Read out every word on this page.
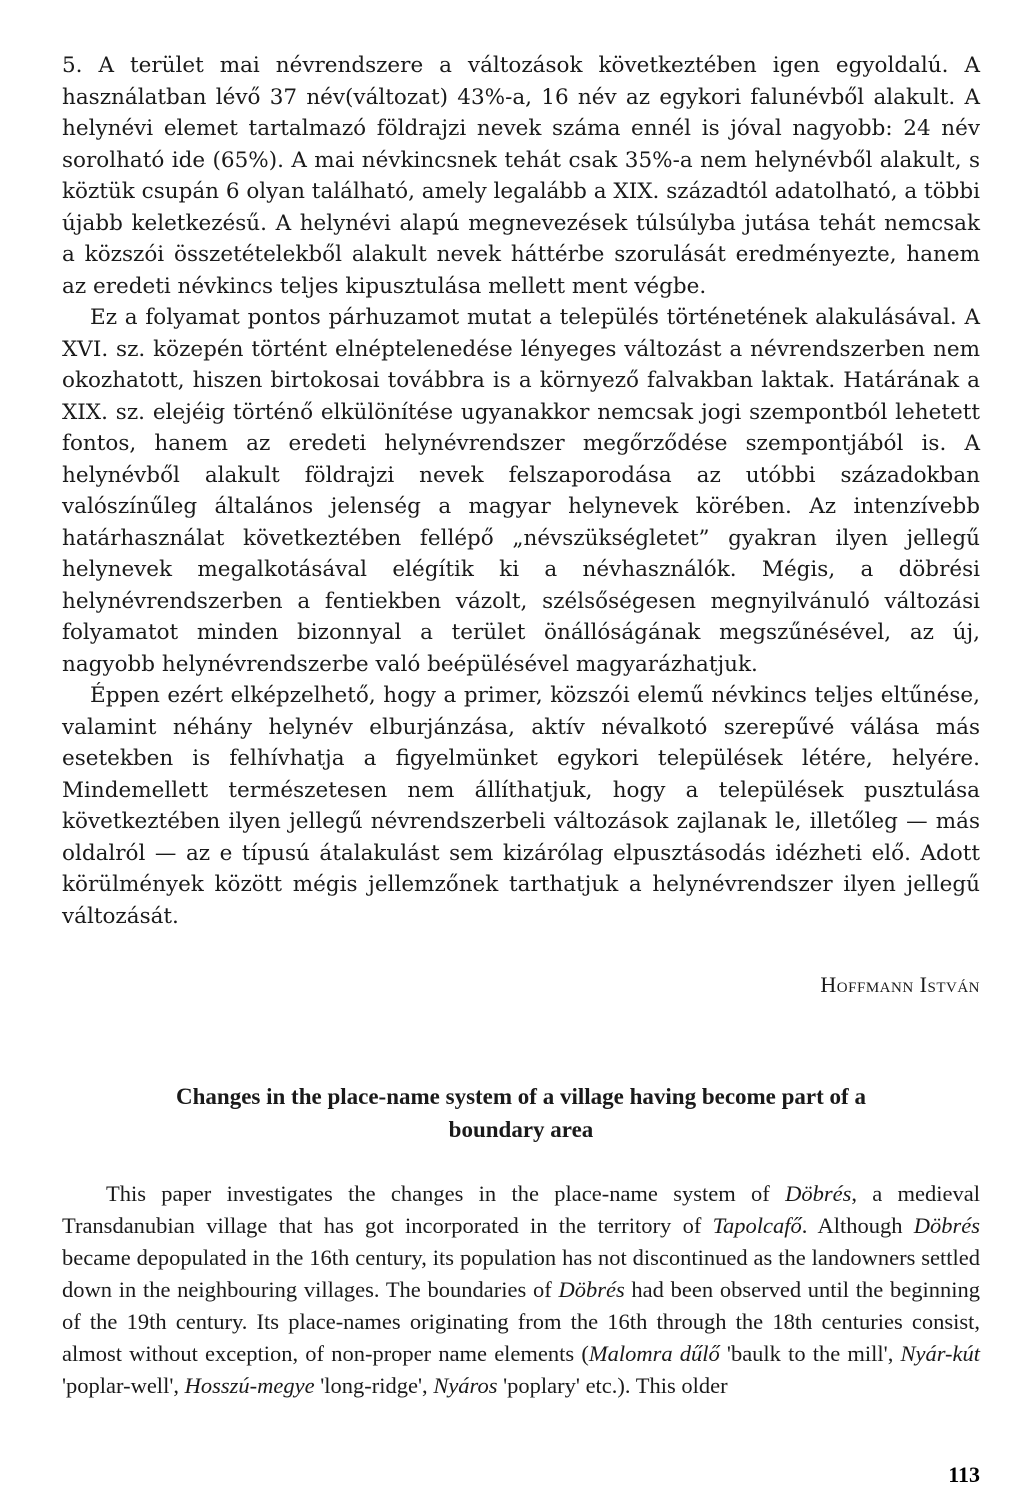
5. A terület mai névrendszere a változások következtében igen egyoldalú. A használatban lévő 37 név(változat) 43%-a, 16 név az egykori falunévből alakult. A helynévi elemet tartalmazó földrajzi nevek száma ennél is jóval nagyobb: 24 név sorolható ide (65%). A mai névkincsnek tehát csak 35%-a nem helynévből alakult, s köztük csupán 6 olyan található, amely legalább a XIX. századtól adatolható, a többi újabb keletkezésű. A helynévi alapú megnevezések túlsúlyba jutása tehát nemcsak a közszói összetételekből alakult nevek háttérbe szorulását eredményezte, hanem az eredeti névkincs teljes kipusztulása mellett ment végbe.

Ez a folyamat pontos párhuzamot mutat a település történetének alakulásával. A XVI. sz. közepén történt elnéptelenedése lényeges változást a névrendszerben nem okozhatott, hiszen birtokosai továbbra is a környező falvakban laktak. Határának a XIX. sz. elejéig történő elkülönítése ugyanakkor nemcsak jogi szempontból lehetett fontos, hanem az eredeti helynévrendszer megőrződése szempontjából is. A helynévből alakult földrajzi nevek felszaporodása az utóbbi századokban valószínűleg általános jelenség a magyar helynevek körében. Az intenzívebb határhasználat következtében fellépő „névszükségletet” gyakran ilyen jellegű helynevek megalkotásával elégítik ki a névhasználók. Mégis, a döbrési helynévrendszerben a fentiekben vázolt, szélsőségesen megnyilvánuló változási folyamatot minden bizonnyal a terület önállóságának megszűnésével, az új, nagyobb helynévrendszerbe való beépülésével magyarázhatjuk.

Éppen ezért elképzelhető, hogy a primer, közszói elemű névkincs teljes eltűnése, valamint néhány helynév elburjánzása, aktív névalkotó szerepűvé válása más esetekben is felhívhatja a figyelmünket egykori települések létére, helyére. Mindemellett természetesen nem állíthatjuk, hogy a települések pusztulása következtében ilyen jellegű névrendszerbeli változások zajlanak le, illetőleg — más oldalról — az e típusú átalakulást sem kizárólag elpusztásodás idézheti elő. Adott körülmények között mégis jellemzőnek tarthatjuk a helynévrendszer ilyen jellegű változását.

Hoffmann István
Changes in the place-name system of a village having become part of a boundary area

This paper investigates the changes in the place-name system of Döbrés, a medieval Transdanubian village that has got incorporated in the territory of Tapolcafő. Although Döbrés became depopulated in the 16th century, its population has not discontinued as the landowners settled down in the neighbouring villages. The boundaries of Döbrés had been observed until the beginning of the 19th century. Its place-names originating from the 16th through the 18th centuries consist, almost without exception, of non-proper name elements (Malomra dűlő 'baulk to the mill', Nyár-kút 'poplar-well', Hosszú-megye 'long-ridge', Nyáros 'poplary' etc.). This older

113
